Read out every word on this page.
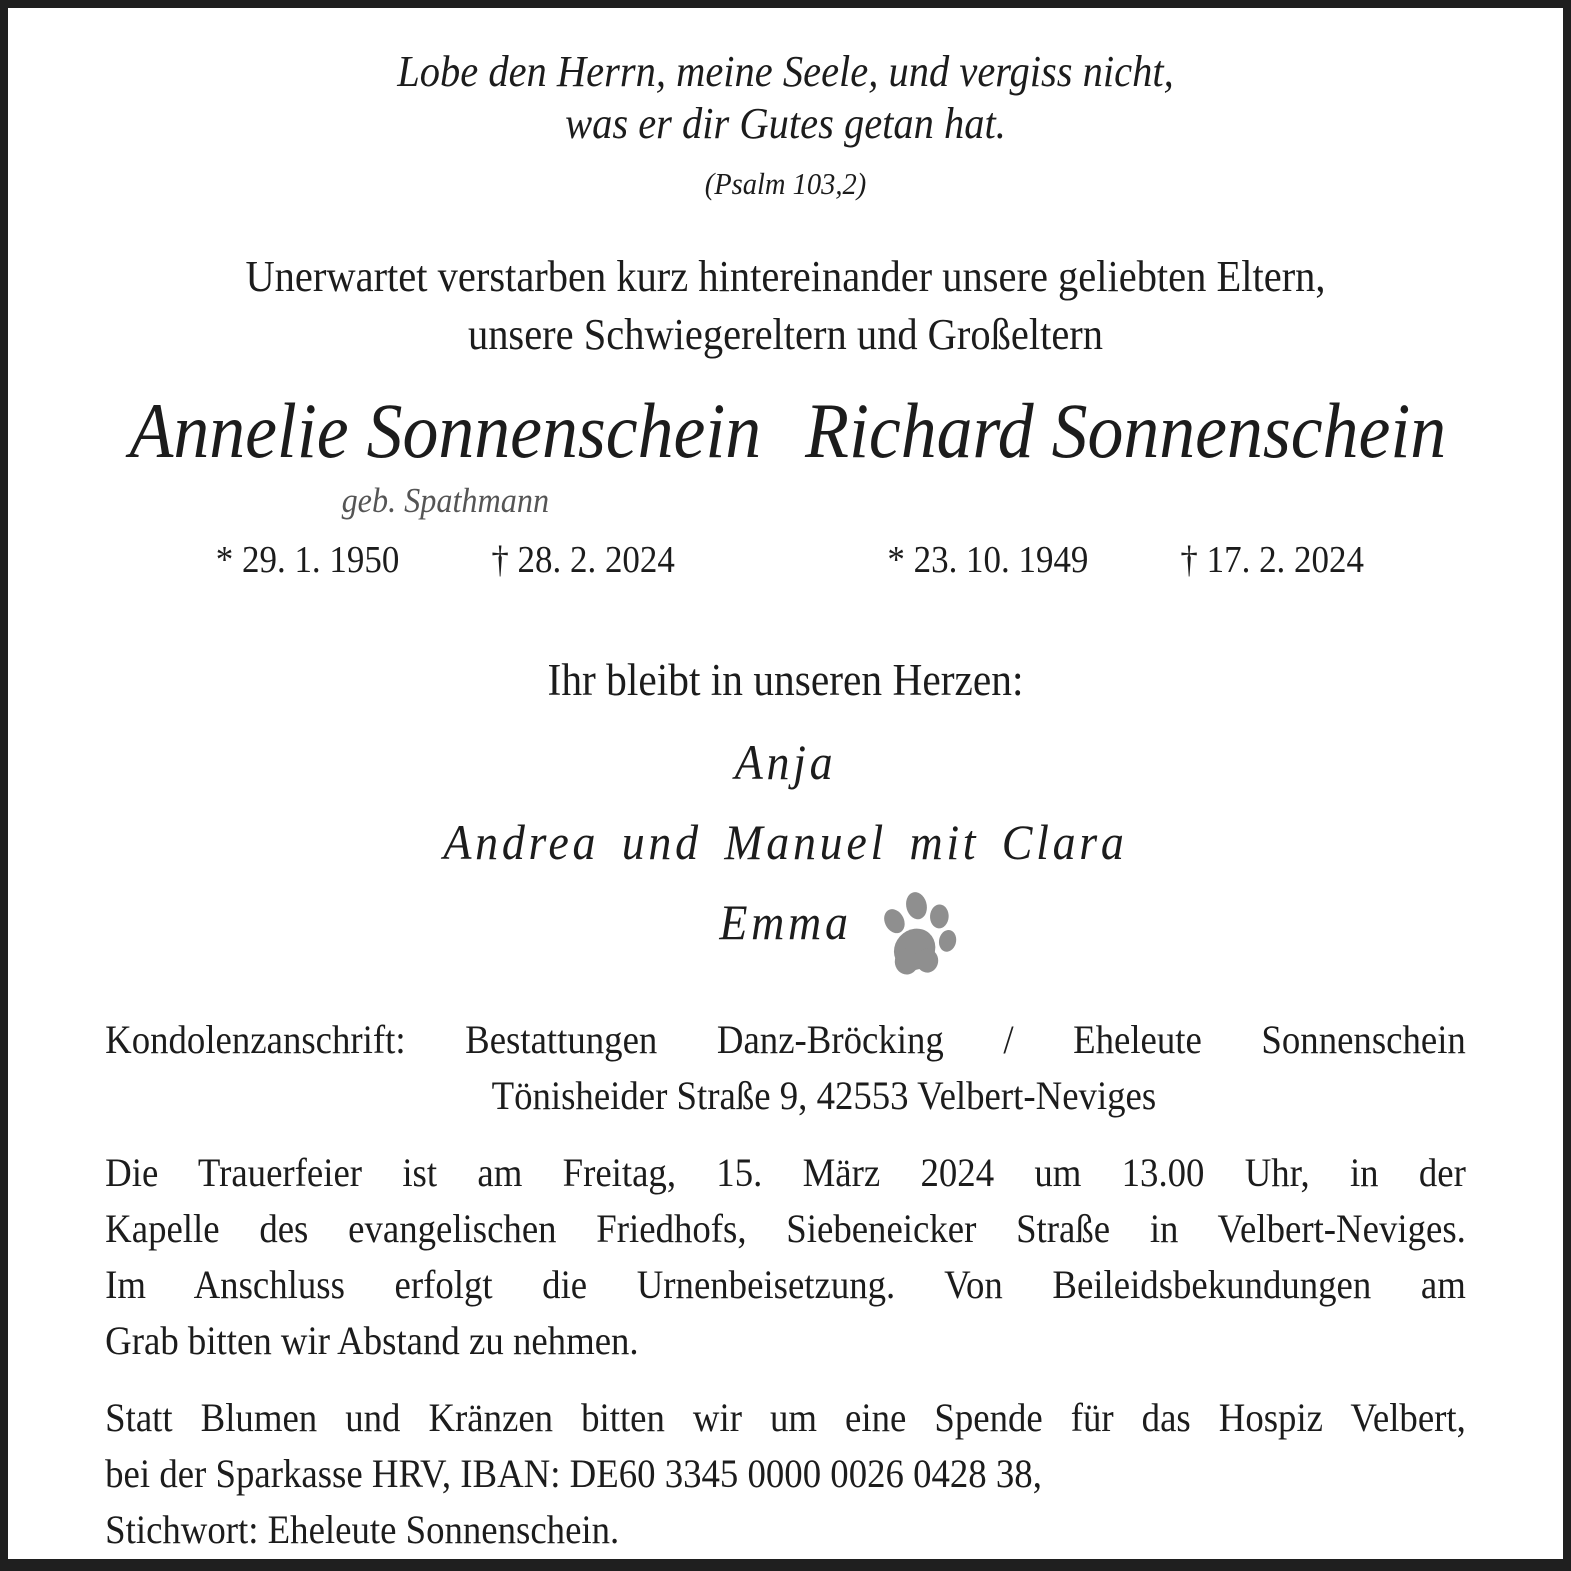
Lobe den Herrn, meine Seele, und vergiss nicht,
was er dir Gutes getan hat.
(Psalm 103,2)
Unerwartet verstarben kurz hintereinander unsere geliebten Eltern,
unsere Schwiegereltern und Großeltern
Annelie Sonnenschein
geb. Spathmann
* 29. 1. 1950 † 28. 2. 2024
Richard Sonnenschein
* 23. 10. 1949 † 17. 2. 2024
Ihr bleibt in unseren Herzen:
Anja
Andrea und Manuel mit Clara
Emma
Kondolenzanschrift: Bestattungen Danz-Bröcking / Eheleute Sonnenschein
Tönisheider Straße 9, 42553 Velbert-Neviges
Die Trauerfeier ist am Freitag, 15. März 2024 um 13.00 Uhr, in der
Kapelle des evangelischen Friedhofs, Siebeneicker Straße in Velbert-Neviges.
Im Anschluss erfolgt die Urnenbeisetzung. Von Beileidsbekundungen am
Grab bitten wir Abstand zu nehmen.
Statt Blumen und Kränzen bitten wir um eine Spende für das Hospiz Velbert,
bei der Sparkasse HRV, IBAN: DE60 3345 0000 0026 0428 38,
Stichwort: Eheleute Sonnenschein.
